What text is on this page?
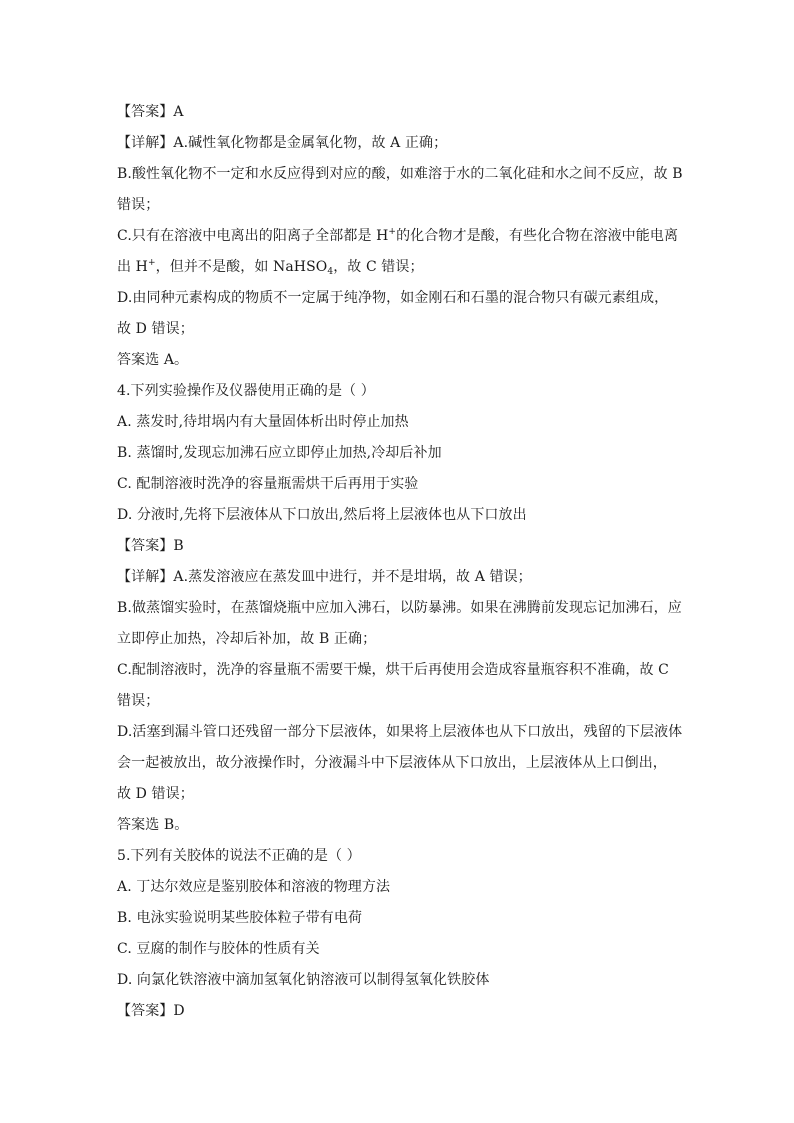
【答案】A
【详解】A.碱性氧化物都是金属氧化物，故 A 正确；
B.酸性氧化物不一定和水反应得到对应的酸，如难溶于水的二氧化硅和水之间不反应，故 B
错误；
C.只有在溶液中电离出的阳离子全部都是 H+的化合物才是酸，有些化合物在溶液中能电离
出 H+，但并不是酸，如 NaHSO$_4$，故 C 错误；
D.由同种元素构成的物质不一定属于纯净物，如金刚石和石墨的混合物只有碳元素组成，
故 D 错误；
答案选 A。
4.下列实验操作及仪器使用正确的是（ ）
A. 蒸发时,待坩埚内有大量固体析出时停止加热
B. 蒸馏时,发现忘加沸石应立即停止加热,冷却后补加
C. 配制溶液时洗净的容量瓶需烘干后再用于实验
D. 分液时,先将下层液体从下口放出,然后将上层液体也从下口放出
【答案】B
【详解】A.蒸发溶液应在蒸发皿中进行，并不是坩埚，故 A 错误；
B.做蒸馏实验时，在蒸馏烧瓶中应加入沸石，以防暴沸。如果在沸腾前发现忘记加沸石，应
立即停止加热，冷却后补加，故 B 正确；
C.配制溶液时，洗净的容量瓶不需要干燥，烘干后再使用会造成容量瓶容积不准确，故 C
错误；
D.活塞到漏斗管口还残留一部分下层液体，如果将上层液体也从下口放出，残留的下层液体
会一起被放出，故分液操作时，分液漏斗中下层液体从下口放出，上层液体从上口倒出，
故 D 错误；
答案选 B。
5.下列有关胶体的说法不正确的是（ ）
A. 丁达尔效应是鉴别胶体和溶液的物理方法
B. 电泳实验说明某些胶体粒子带有电荷
C. 豆腐的制作与胶体的性质有关
D. 向氯化铁溶液中滴加氢氧化钠溶液可以制得氢氧化铁胶体
【答案】D
